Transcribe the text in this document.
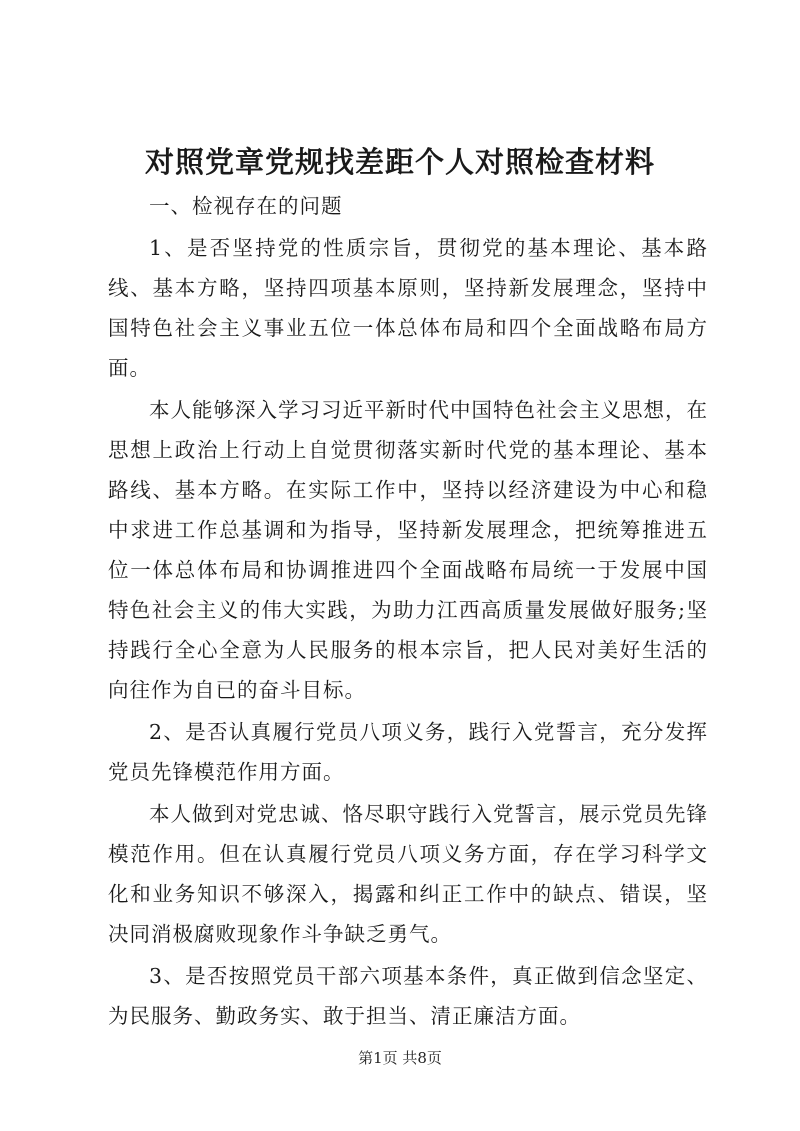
对照党章党规找差距个人对照检查材料

一、检视存在的问题

1、是否坚持党的性质宗旨，贯彻党的基本理论、基本路线、基本方略，坚持四项基本原则，坚持新发展理念，坚持中国特色社会主义事业五位一体总体布局和四个全面战略布局方面。

本人能够深入学习习近平新时代中国特色社会主义思想，在思想上政治上行动上自觉贯彻落实新时代党的基本理论、基本路线、基本方略。在实际工作中，坚持以经济建设为中心和稳中求进工作总基调和为指导，坚持新发展理念，把统筹推进五位一体总体布局和协调推进四个全面战略布局统一于发展中国特色社会主义的伟大实践，为助力江西高质量发展做好服务;坚持践行全心全意为人民服务的根本宗旨，把人民对美好生活的向往作为自已的奋斗目标。

2、是否认真履行党员八项义务，践行入党誓言，充分发挥党员先锋模范作用方面。

本人做到对党忠诚、恪尽职守践行入党誓言，展示党员先锋模范作用。但在认真履行党员八项义务方面，存在学习科学文化和业务知识不够深入，揭露和纠正工作中的缺点、错误，坚决同消极腐败现象作斗争缺乏勇气。

3、是否按照党员干部六项基本条件，真正做到信念坚定、为民服务、勤政务实、敢于担当、清正廉洁方面。

第1页 共8页
